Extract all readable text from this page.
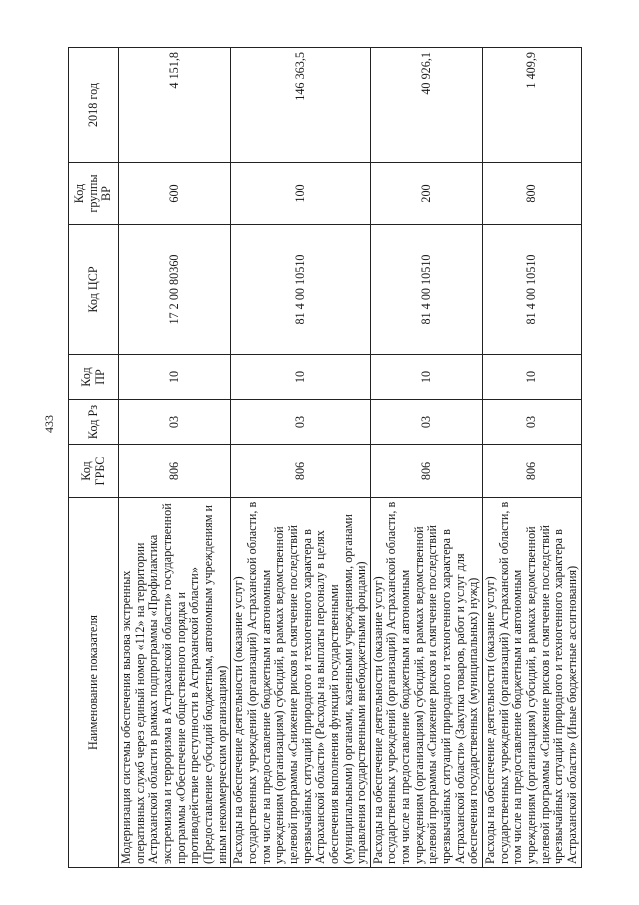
433
Наименование показателя	Код ГРБС	Код Рз	Код ПР	Код ЦСР	Код группы ВР	2018 год
Модернизация системы обеспечения вызова экстренных оперативных служб через единый номер «112» на территории Астраханской области в рамках подпрограммы «Профилактика экстремизма и терроризма в Астраханской области» государственной программы «Обеспечение общественного порядка и противодействие преступности в Астраханской области» (Предоставление субсидий бюджетным, автономным учреждениям и иным некоммерческим организациям)	806	03	10	17 2 00 80360	600	4 151,8
Расходы на обеспечение деятельности (оказание услуг) государственных учреждений (организаций) Астраханской области, в том числе на предоставление бюджетным и автономным учреждениям (организациям) субсидий, в рамках ведомственной целевой программы «Снижение рисков и смягчение последствий чрезвычайных ситуаций природного и техногенного характера в Астраханской области» (Расходы на выплаты персоналу в целях обеспечения выполнения функций государственными (муниципальными) органами, казенными учреждениями, органами управления государственными внебюджетными фондами)	806	03	10	81 4 00 10510	100	146 363,5
Расходы на обеспечение деятельности (оказание услуг) государственных учреждений (организаций) Астраханской области, в том числе на предоставление бюджетным и автономным учреждениям (организациям) субсидий, в рамках ведомственной целевой программы «Снижение рисков и смягчение последствий чрезвычайных ситуаций природного и техногенного характера в Астраханской области» (Закупка товаров, работ и услуг для обеспечения государственных (муниципальных) нужд)	806	03	10	81 4 00 10510	200	40 926,1
Расходы на обеспечение деятельности (оказание услуг) государственных учреждений (организаций) Астраханской области, в том числе на предоставление бюджетным и автономным учреждениям (организациям) субсидий, в рамках ведомственной целевой программы «Снижение рисков и смягчение последствий чрезвычайных ситуаций природного и техногенного характера в Астраханской области» (Иные бюджетные ассигнования)	806	03	10	81 4 00 10510	800	1 409,9
